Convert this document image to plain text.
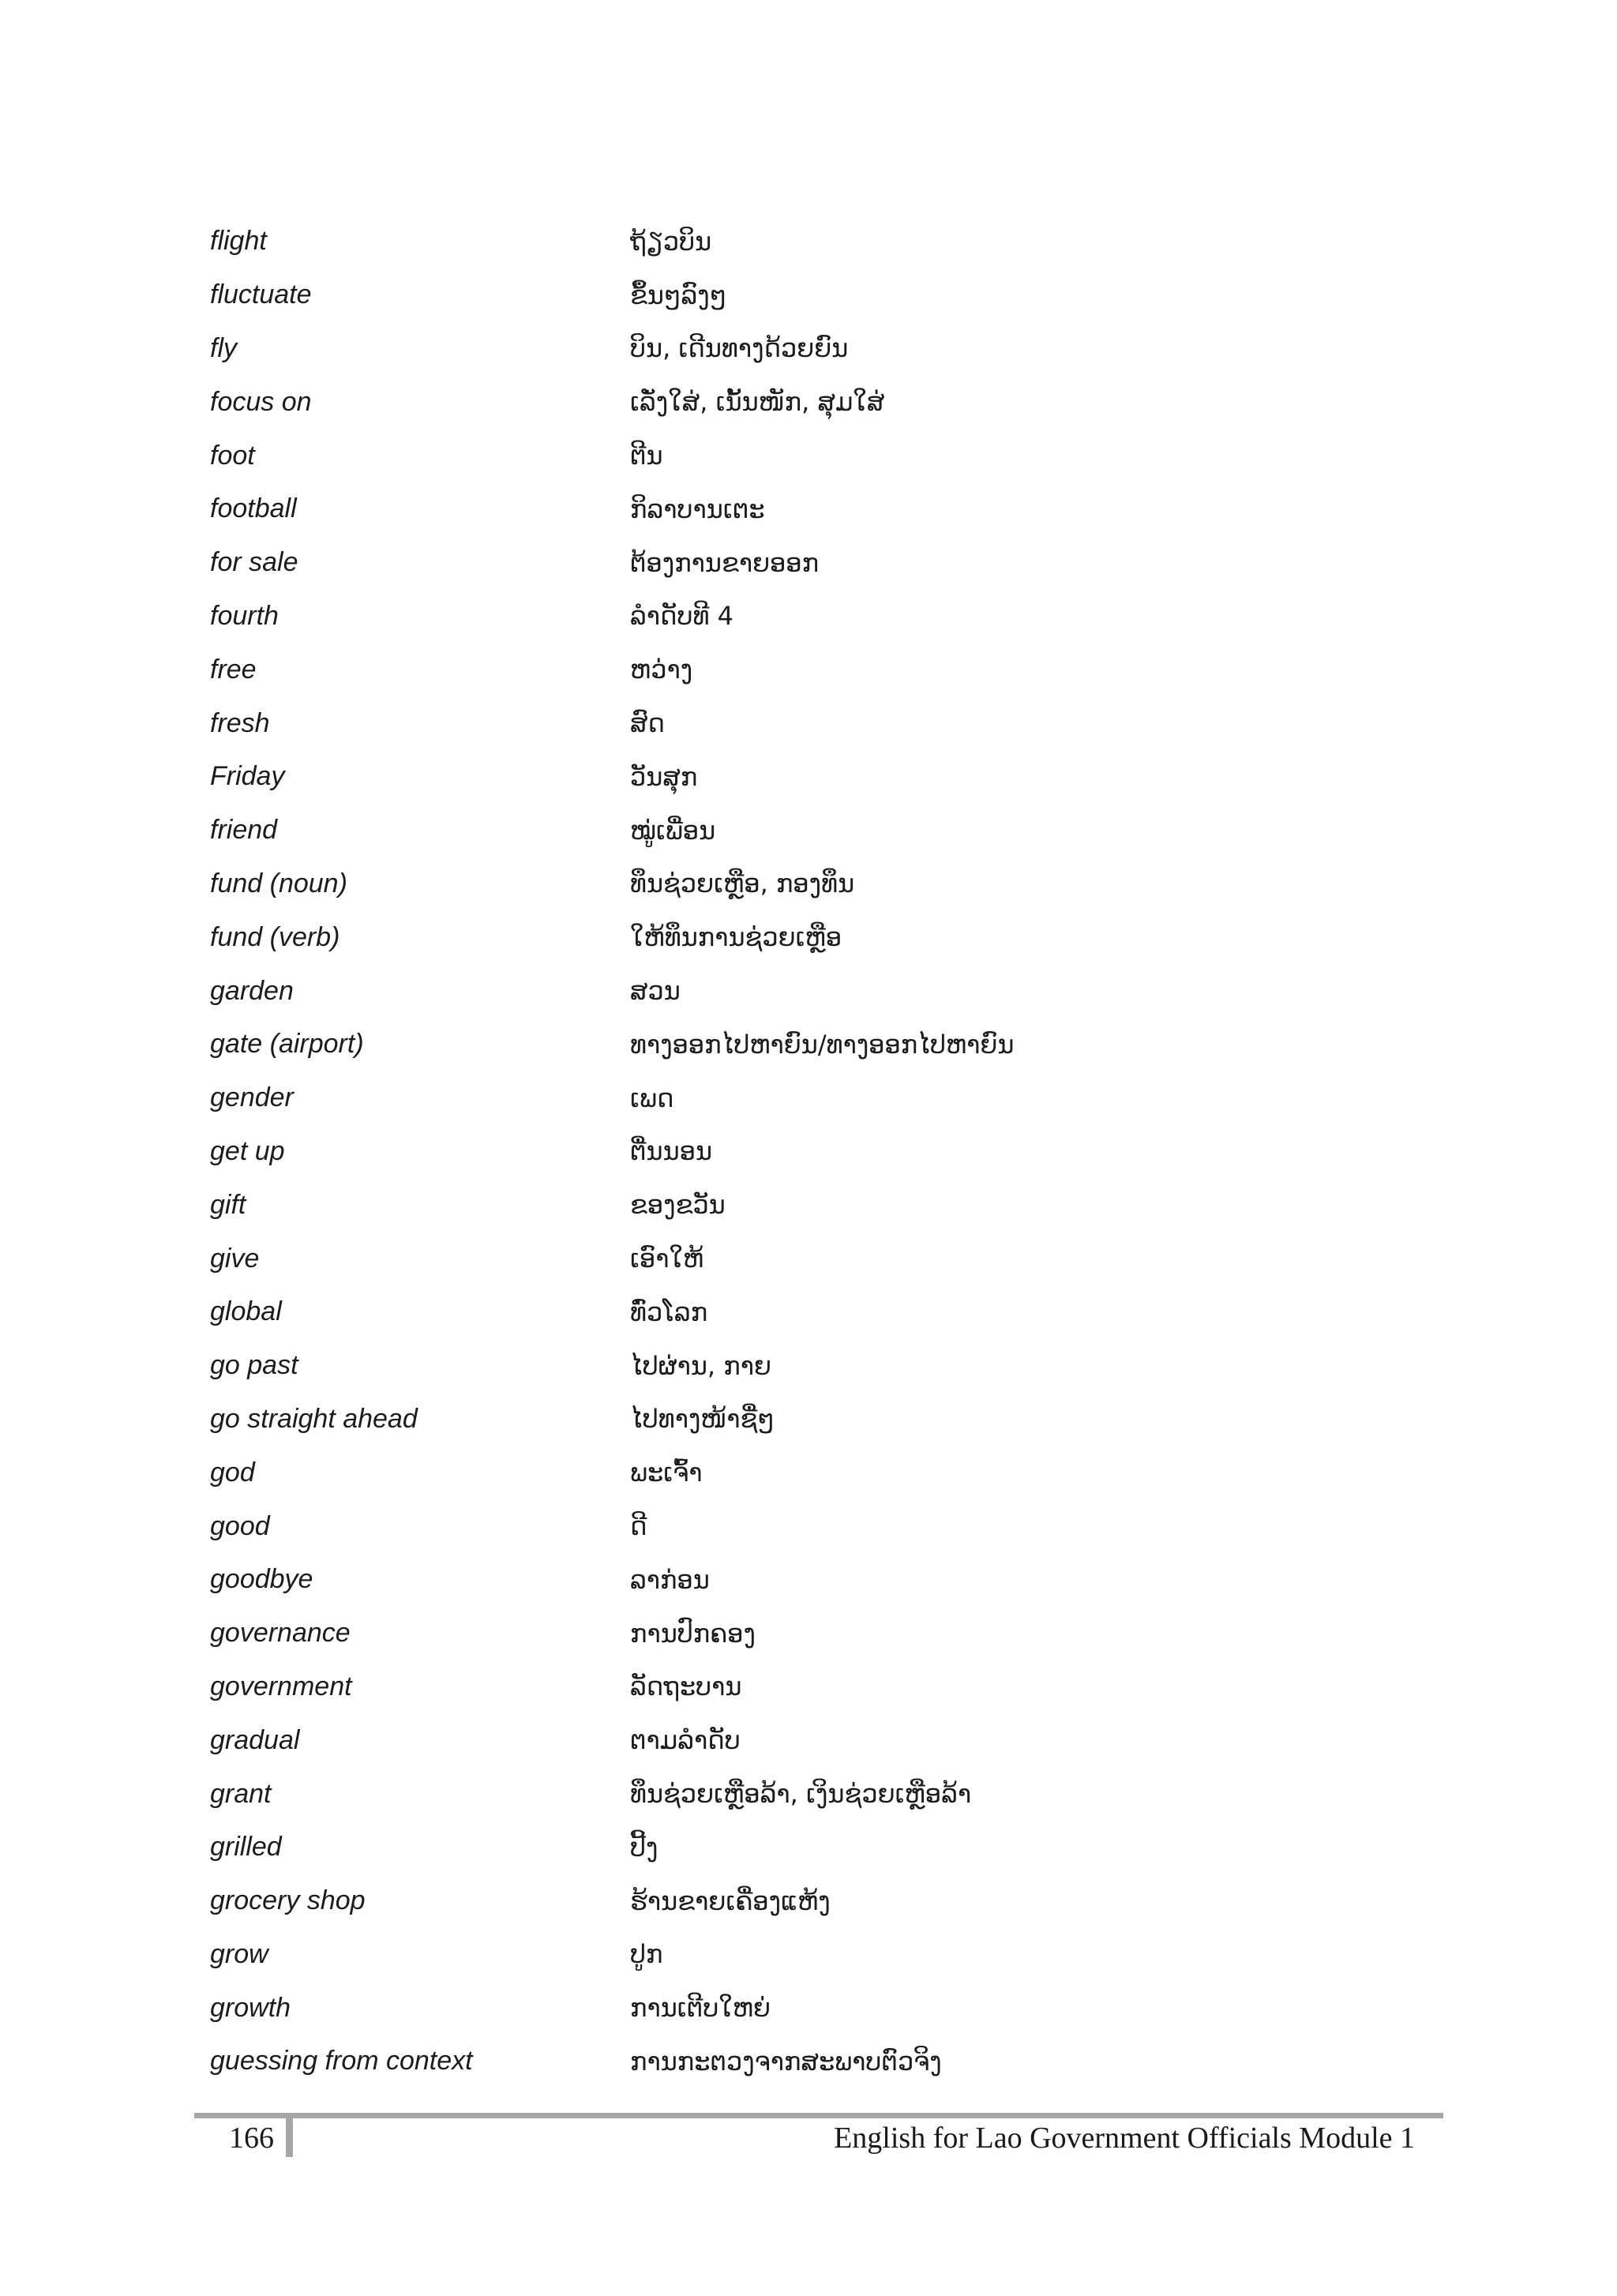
flight	ຖ້ຽວບິນ
fluctuate	ຂຶ້ນໆລົງໆ
fly	ບິນ, ເດີນທາງດ້ວຍຍົນ
focus on	ເລັ່ງໃສ່, ເນັ້ນໜັກ, ສຸມໃສ່
foot	ຕີນ
football	ກິລາບານເຕະ
for sale	ຕ້ອງການຂາຍອອກ
fourth	ລຳດັບທີ 4
free	ຫວ່າງ
fresh	ສົດ
Friday	ວັນສຸກ
friend	ໝູ່ເພື່ອນ
fund (noun)	ທຶນຊ່ວຍເຫຼືອ, ກອງທຶນ
fund (verb)	ໃຫ້ທຶນການຊ່ວຍເຫຼືອ
garden	ສວນ
gate (airport)	ທາງອອກໄປຫາຍົນ/ທາງອອກໄປຫາຍົນ
gender	ເພດ
get up	ຕື່ນນອນ
gift	ຂອງຂວັນ
give	ເອົາໃຫ້
global	ທົ່ວໂລກ
go past	ໄປຜ່ານ, ກາຍ
go straight ahead	ໄປທາງໜ້າຊື່ໆ
god	ພະເຈົ້າ
good	ດີ
goodbye	ລາກ່ອນ
governance	ການປົກຄອງ
government	ລັດຖະບານ
gradual	ຕາມລຳດັບ
grant	ທຶນຊ່ວຍເຫຼືອລ້າ, ເງິນຊ່ວຍເຫຼືອລ້າ
grilled	ປີ້ງ
grocery shop	ຮ້ານຂາຍເຄື່ອງແຫ້ງ
grow	ປູກ
growth	ການເຕີບໃຫຍ່
guessing from context	ການກະຕວງຈາກສະພາບຕົວຈິງ
166	English for Lao Government Officials Module 1
